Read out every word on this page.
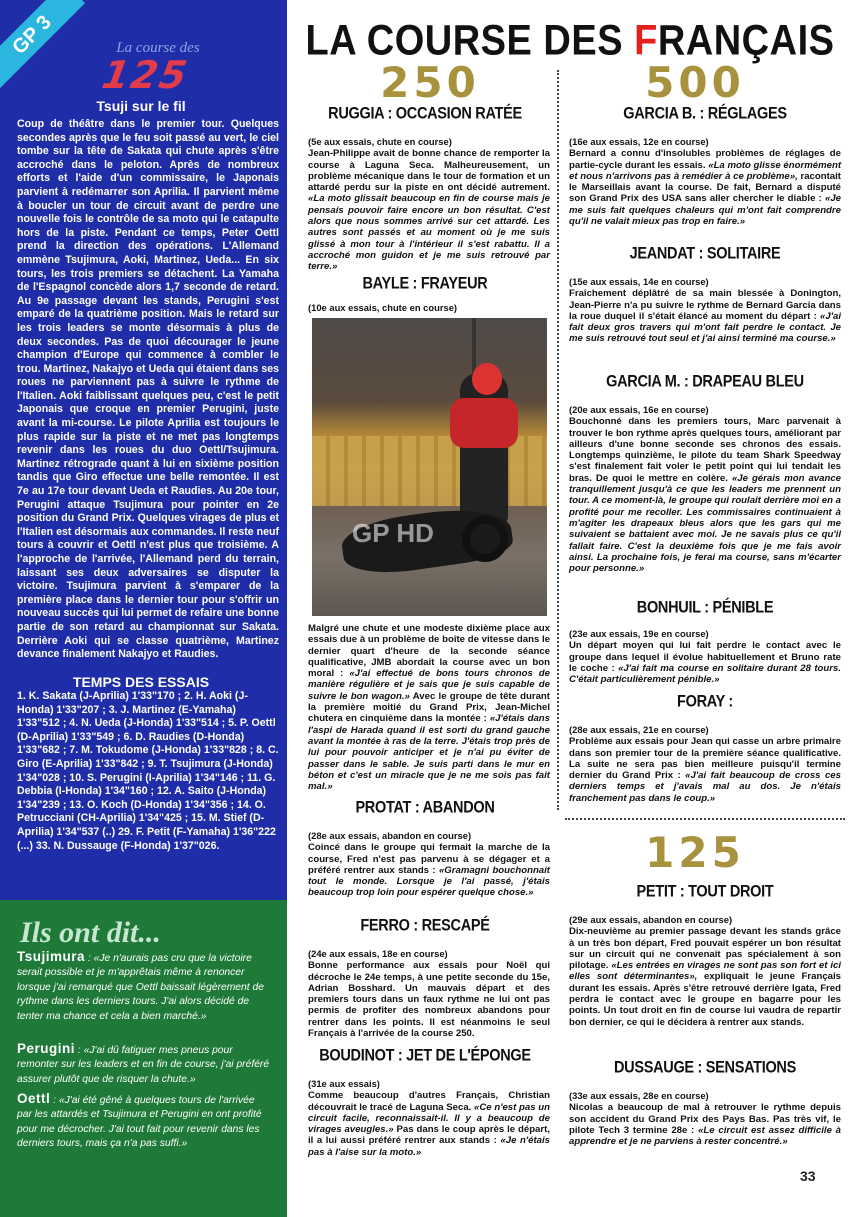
GP 3	La course des
125
Tsuji sur le fil
Coup de théâtre dans le premier tour. Quelques secondes après que le feu soit passé au vert, le ciel tombe sur la tête de Sakata qui chute après s'être accroché dans le peloton. Après de nombreux efforts et l'aide d'un commissaire, le Japonais parvient à redémarrer son Aprilia. Il parvient même à boucler un tour de circuit avant de perdre une nouvelle fois le contrôle de sa moto qui le catapulte hors de la piste. Pendant ce temps, Peter Oettl prend la direction des opérations. L'Allemand emmène Tsujimura, Aoki, Martinez, Ueda... En six tours, les trois premiers se détachent. La Yamaha de l'Espagnol concède alors 1,7 seconde de retard. Au 9e passage devant les stands, Perugini s'est emparé de la quatrième position. Mais le retard sur les trois leaders se monte désormais à plus de deux secondes. Pas de quoi décourager le jeune champion d'Europe qui commence à combler le trou. Martinez, Nakajyo et Ueda qui étaient dans ses roues ne parviennent pas à suivre le rythme de l'Italien. Aoki faiblissant quelques peu, c'est le petit Japonais que croque en premier Perugini, juste avant la mi-course. Le pilote Aprilia est toujours le plus rapide sur la piste et ne met pas longtemps revenir dans les roues du duo Oettl/Tsujimura. Martinez rétrograde quant à lui en sixième position tandis que Giro effectue une belle remontée. Il est 7e au 17e tour devant Ueda et Raudies. Au 20e tour, Perugini attaque Tsujimura pour pointer en 2e position du Grand Prix. Quelques virages de plus et l'Italien est désormais aux commandes. Il reste neuf tours à couvrir et Oettl n'est plus que troisième. A l'approche de l'arrivée, l'Allemand perd du terrain, laissant ses deux adversaires se disputer la victoire. Tsujimura parvient à s'emparer de la première place dans le dernier tour pour s'offrir un nouveau succès qui lui permet de refaire une bonne partie de son retard au championnat sur Sakata. Derrière Aoki qui se classe quatrième, Martinez devance finalement Nakajyo et Raudies.
TEMPS DES ESSAIS
1. K. Sakata (J-Aprilia) 1'33"170 ; 2. H. Aoki (J-Honda) 1'33"207 ; 3. J. Martinez (E-Yamaha) 1'33"512 ; 4. N. Ueda (J-Honda) 1'33"514 ; 5. P. Oettl (D-Aprilia) 1'33"549 ; 6. D. Raudies (D-Honda) 1'33"682 ; 7. M. Tokudome (J-Honda) 1'33"828 ; 8. C. Giro (E-Aprilia) 1'33"842 ; 9. T. Tsujimura (J-Honda) 1'34"028 ; 10. S. Perugini (I-Aprilia) 1'34"146 ; 11. G. Debbia (I-Honda) 1'34"160 ; 12. A. Saito (J-Honda) 1'34"239 ; 13. O. Koch (D-Honda) 1'34"356 ; 14. O. Petrucciani (CH-Aprilia) 1'34"425 ; 15. M. Stief (D-Aprilia) 1'34"537 (..) 29. F. Petit (F-Yamaha) 1'36"222 (...) 33. N. Dussauge (F-Honda) 1'37"026.
Ils ont dit...
Tsujimura : «Je n'aurais pas cru que la victoire serait possible et je m'apprêtais même à renoncer lorsque j'ai remarqué que Oettl baissait légèrement de rythme dans les derniers tours. J'ai alors décidé de tenter ma chance et cela a bien marché.»
Perugini : «J'ai dû fatiguer mes pneus pour remonter sur les leaders et en fin de course, j'ai préféré assurer plutôt que de risquer la chute.»
Oettl : «J'ai été gêné à quelques tours de l'arrivée par les attardés et Tsujimura et Perugini en ont profité pour me décrocher. J'ai tout fait pour revenir dans les derniers tours, mais ça n'a pas suffi.»
LA COURSE DES FRANÇAIS
250	500
125
RUGGIA : OCCASION RATÉE
(5e aux essais, chute en course)
Jean-Philippe avait de bonne chance de remporter la course à Laguna Seca. Malheureusement, un problème mécanique dans le tour de formation et un attardé perdu sur la piste en ont décidé autrement. «La moto glissait beaucoup en fin de course mais je pensais pouvoir faire encore un bon résultat. C'est alors que nous sommes arrivé sur cet attardé. Les autres sont passés et au moment où je me suis glissé à mon tour à l'intérieur il s'est rabattu. Il a accroché mon guidon et je me suis retrouvé par terre.»
BAYLE : FRAYEUR
(10e aux essais, chute en course)
GP HD
Malgré une chute et une modeste dixième place aux essais due à un problème de boîte de vitesse dans le dernier quart d'heure de la seconde séance qualificative, JMB abordait la course avec un bon moral : «J'ai effectué de bons tours chronos de manière régulière et je sais que je suis capable de suivre le bon wagon.» Avec le groupe de tête durant la première moitié du Grand Prix, Jean-Michel chutera en cinquième dans la montée : «J'étais dans l'aspi de Harada quand il est sorti du grand gauche avant la montée à ras de la terre. J'étais trop près de lui pour pouvoir anticiper et je n'ai pu éviter de passer dans le sable. Je suis parti dans le mur en béton et c'est un miracle que je ne me sois pas fait mal.»
PROTAT : ABANDON
(28e aux essais, abandon en course)
Coincé dans le groupe qui fermait la marche de la course, Fred n'est pas parvenu à se dégager et a préféré rentrer aux stands : «Gramagni bouchonnait tout le monde. Lorsque je l'ai passé, j'étais beaucoup trop loin pour espérer quelque chose.»
FERRO : RESCAPÉ
(24e aux essais, 18e en course)
Bonne performance aux essais pour Noël qui décroche le 24e temps, à une petite seconde du 15e, Adrian Bosshard. Un mauvais départ et des premiers tours dans un faux rythme ne lui ont pas permis de profiter des nombreux abandons pour rentrer dans les points. Il est néanmoins le seul Français à l'arrivée de la course 250.
BOUDINOT : JET DE L'ÉPONGE
(31e aux essais)
Comme beaucoup d'autres Français, Christian découvrait le tracé de Laguna Seca. «Ce n'est pas un circuit facile, reconnaissait-il. Il y a beaucoup de virages aveugles.» Pas dans le coup après le départ, il a lui aussi préféré rentrer aux stands : «Je n'étais pas à l'aise sur la moto.»
GARCIA B. : RÉGLAGES
(16e aux essais, 12e en course)
Bernard a connu d'insolubles problèmes de réglages de partie-cycle durant les essais. «La moto glisse énormément et nous n'arrivons pas à remédier à ce problème», racontait le Marseillais avant la course. De fait, Bernard a disputé son Grand Prix des USA sans aller chercher le diable : «Je me suis fait quelques chaleurs qui m'ont fait comprendre qu'il ne valait mieux pas trop en faire.»
JEANDAT : SOLITAIRE
(15e aux essais, 14e en course)
Fraîchement déplâtré de sa main blessée à Donington, Jean-Pierre n'a pu suivre le rythme de Bernard Garcia dans la roue duquel il s'était élancé au moment du départ : «J'ai fait deux gros travers qui m'ont fait perdre le contact. Je me suis retrouvé tout seul et j'ai ainsi terminé ma course.»
GARCIA M. : DRAPEAU BLEU
(20e aux essais, 16e en course)
Bouchonné dans les premiers tours, Marc parvenait à trouver le bon rythme après quelques tours, améliorant par ailleurs d'une bonne seconde ses chronos des essais. Longtemps quinzième, le pilote du team Shark Speedway s'est finalement fait voler le petit point qui lui tendait les bras. De quoi le mettre en colère. «Je gérais mon avance tranquillement jusqu'à ce que les leaders me prennent un tour. A ce moment-là, le groupe qui roulait derrière moi en a profité pour me recoller. Les commissaires continuaient à m'agiter les drapeaux bleus alors que les gars qui me suivaient se battaient avec moi. Je ne savais plus ce qu'il fallait faire. C'est la deuxième fois que je me fais avoir ainsi. La prochaine fois, je ferai ma course, sans m'écarter pour personne.»
BONHUIL : PÉNIBLE
(23e aux essais, 19e en course)
Un départ moyen qui lui fait perdre le contact avec le groupe dans lequel il évolue habituellement et Bruno rate le coche : «J'ai fait ma course en solitaire durant 28 tours. C'était particulièrement pénible.»
FORAY :
(28e aux essais, 21e en course)
Problème aux essais pour Jean qui casse un arbre primaire dans son premier tour de la première séance qualificative. La suite ne sera pas bien meilleure puisqu'il termine dernier du Grand Prix : «J'ai fait beaucoup de cross ces derniers temps et j'avais mal au dos. Je n'étais franchement pas dans le coup.»
PETIT : TOUT DROIT
(29e aux essais, abandon en course)
Dix-neuvième au premier passage devant les stands grâce à un très bon départ, Fred pouvait espérer un bon résultat sur un circuit qui ne convenait pas spécialement à son pilotage. «Les entrées en virages ne sont pas son fort et ici elles sont déterminantes», expliquait le jeune Français durant les essais. Après s'être retrouvé derrière Igata, Fred perdra le contact avec le groupe en bagarre pour les points. Un tout droit en fin de course lui vaudra de repartir bon dernier, ce qui le décidera à rentrer aux stands.
DUSSAUGE : SENSATIONS
(33e aux essais, 28e en course)
Nicolas a beaucoup de mal à retrouver le rythme depuis son accident du Grand Prix des Pays Bas. Pas très vif, le pilote Tech 3 termine 28e : «Le circuit est assez difficile à apprendre et je ne parviens à rester concentré.»
33
